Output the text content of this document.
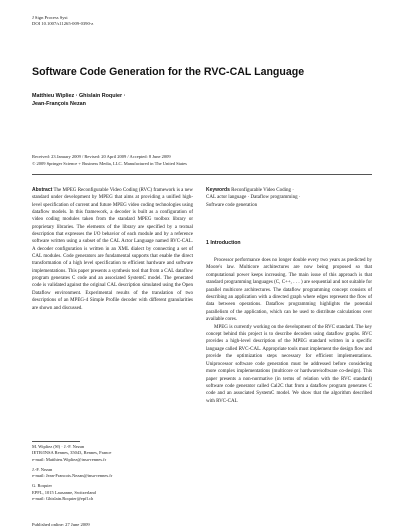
J Sign Process Syst
DOI 10.1007/s11265-009-0390-z
Software Code Generation for the RVC-CAL Language
Matthieu Wipliez · Ghislain Roquier ·
Jean-François Nezan
Received: 23 January 2009 / Revised: 20 April 2009 / Accepted: 8 June 2009
© 2009 Springer Science + Business Media, LLC. Manufactured in The United States
Abstract The MPEG Reconfigurable Video Coding (RVC) framework is a new standard under development by MPEG that aims at providing a unified high-level specification of current and future MPEG video coding technologies using dataflow models. In this framework, a decoder is built as a configuration of video coding modules taken from the standard MPEG toolbox library or proprietary libraries. The elements of the library are specified by a textual description that expresses the I/O behavior of each module and by a reference software written using a subset of the CAL Actor Language named RVC-CAL. A decoder configuration is written in an XML dialect by connecting a set of CAL modules. Code generators are fundamental supports that enable the direct transformation of a high level specification to efficient hardware and software implementations. This paper presents a synthesis tool that from a CAL dataflow program generates C code and an associated SystemC model. The generated code is validated against the original CAL description simulated using the Open Dataflow environment. Experimental results of the translation of two descriptions of an MPEG-4 Simple Profile decoder with different granularities are shown and discussed.
Keywords Reconfigurable Video Coding ·
CAL actor language · Dataflow programming ·
Software code generation
1 Introduction

Processor performance does no longer double every two years as predicted by Moore's law. Multicore architectures are now being proposed so that computational power keeps increasing. The main issue of this approach is that standard programming languages (C, C++, . . . ) are sequential and not suitable for parallel multicore architectures. The dataflow programming concept consists of describing an application with a directed graph where edges represent the flow of data between operations. Dataflow programming highlights the potential parallelism of the application, which can be used to distribute calculations over available cores.

MPEG is currently working on the development of the RVC standard. The key concept behind this project is to describe decoders using dataflow graphs. RVC provides a high-level description of the MPEG standard written in a specific language called RVC-CAL. Appropriate tools must implement the design flow and provide the optimization steps necessary for efficient implementations. Uniprocessor software code generation must be addressed before considering more complex implementations (multicore or hardware/software co-design). This paper presents a non-normative (in terms of relation with the RVC standard) software code generator called Cal2C that from a dataflow program generates C code and an associated SystemC model. We show that the algorithm described with RVC-CAL

M. Wipliez (✉) · J.-F. Nezan
IETR/INSA Rennes, 35043, Rennes, France
e-mail: Matthieu.Wipliez@insa-rennes.fr
J.-F. Nezan
e-mail: Jean-Francois.Nezan@insa-rennes.fr
G. Roquier
EPFL, 1015 Lausanne, Switzerland
e-mail: Ghislain.Roquier@epfl.ch
Published online: 27 June 2009
